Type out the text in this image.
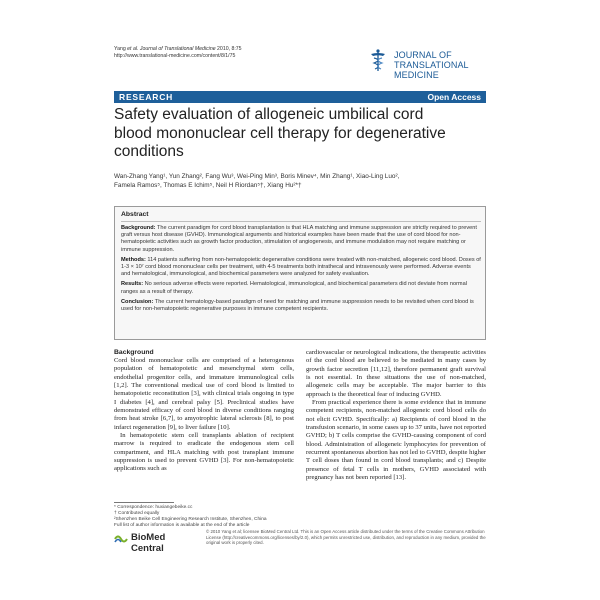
Yang et al. Journal of Translational Medicine 2010, 8:75
http://www.translational-medicine.com/content/8/1/75	JOURNAL OF
TRANSLATIONAL MEDICINE
RESEARCH	Open Access
Safety evaluation of allogeneic umbilical cord
blood mononuclear cell therapy for degenerative
conditions
Wan-Zhang Yang¹, Yun Zhang², Fang Wu³, Wei-Ping Min³, Boris Minev⁴, Min Zhang¹, Xiao-Ling Luo²,
Famela Ramos⁵, Thomas E Ichim⁵, Neil H Riordan⁵†, Xiang Hu²*†
Abstract

Background: The current paradigm for cord blood transplantation is that HLA matching and immune suppression are strictly required to prevent graft versus host disease (GVHD). Immunological arguments and historical examples have been made that the use of cord blood for non-hematopoietic activities such as growth factor production, stimulation of angiogenesis, and immune modulation may not require matching or immune suppression.

Methods: 114 patients suffering from non-hematopoietic degenerative conditions were treated with non-matched, allogeneic cord blood. Doses of 1-3 × 10⁷ cord blood mononuclear cells per treatment, with 4-5 treatments both intrathecal and intravenously were performed. Adverse events and hematological, immunological, and biochemical parameters were analyzed for safety evaluation.

Results: No serious adverse effects were reported. Hematological, immunological, and biochemical parameters did not deviate from normal ranges as a result of therapy.

Conclusion: The current hematology-based paradigm of need for matching and immune suppression needs to be revisited when cord blood is used for non-hematopoietic regenerative purposes in immune competent recipients.

Background

Cord blood mononuclear cells are comprised of a heterogenous population of hematopoietic and mesenchymal stem cells, endothelial progenitor cells, and immature immunological cells [1,2]. The conventional medical use of cord blood is limited to hematopoietic reconstitution [3], with clinical trials ongoing in type I diabetes [4], and cerebral palsy [5]. Preclinical studies have demonstrated efficacy of cord blood in diverse conditions ranging from heat stroke [6,7], to amyotrophic lateral sclerosis [8], to post infarct regeneration [9], to liver failure [10].

In hematopoietic stem cell transplants ablation of recipient marrow is required to eradicate the endogenous stem cell compartment, and HLA matching with post transplant immune suppression is used to prevent GVHD [3]. For non-hematopoietic applications such as

cardiovascular or neurological indications, the therapeutic activities of the cord blood are believed to be mediated in many cases by growth factor secretion [11,12], therefore permanent graft survival is not essential. In these situations the use of non-matched, allogeneic cells may be acceptable. The major barrier to this approach is the theoretical fear of inducing GVHD.

From practical experience there is some evidence that in immune competent recipients, non-matched allogeneic cord blood cells do not elicit GVHD. Specifically: a) Recipients of cord blood in the transfusion scenario, in some cases up to 37 units, have not reported GVHD; b) T cells comprise the GVHD-causing component of cord blood. Administration of allogeneic lymphocytes for prevention of recurrent spontaneous abortion has not led to GVHD, despite higher T cell doses than found in cord blood transplants; and c) Despite presence of fetal T cells in mothers, GVHD associated with pregnancy has not been reported [13].

* Correspondence: huxiangebeike.cc
† Contributed equally
²Shenzhen Beike Cell Engineering Research Institute, Shenzhen, China
Full list of author information is available at the end of the article
BioMed Central
© 2010 Yang et al; licensee BioMed Central Ltd. This is an Open Access article distributed under the terms of the Creative Commons Attribution License (http://creativecommons.org/licenses/by/2.0), which permits unrestricted use, distribution, and reproduction in any medium, provided the original work is properly cited.
